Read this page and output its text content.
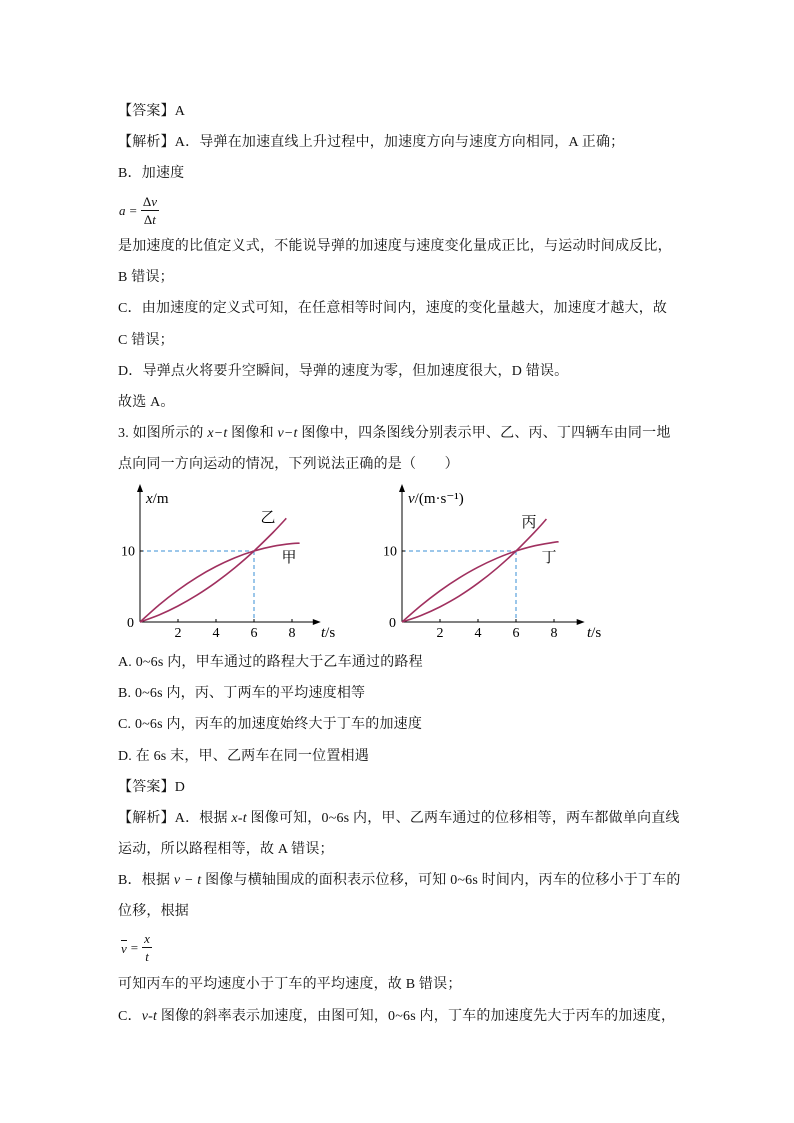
【答案】A
【解析】A．导弹在加速直线上升过程中，加速度方向与速度方向相同，A 正确；
B．加速度
$a = \frac{\Delta v}{\Delta t}$
是加速度的比值定义式，不能说导弹的加速度与速度变化量成正比，与运动时间成反比，
B 错误；
C．由加速度的定义式可知，在任意相等时间内，速度的变化量越大，加速度才越大，故
C 错误；
D．导弹点火将要升空瞬间，导弹的速度为零，但加速度很大，D 错误。
故选 A。
3. 如图所示的 x−t 图像和 v−t 图像中，四条图线分别表示甲、乙、丙、丁四辆车由同一地
点向同一方向运动的情况，下列说法正确的是（　　）
2 4 6 8
10
0
x/m
t/s
乙
甲
2 4 6 8
10
0
v/(m·s⁻¹)
t/s
丙
丁
A. 0~6s 内，甲车通过的路程大于乙车通过的路程
B. 0~6s 内，丙、丁两车的平均速度相等
C. 0~6s 内，丙车的加速度始终大于丁车的加速度
D. 在 6s 末，甲、乙两车在同一位置相遇
【答案】D
【解析】A．根据 x-t 图像可知，0~6s 内，甲、乙两车通过的位移相等，两车都做单向直线
运动，所以路程相等，故 A 错误；
B．根据 v − t 图像与横轴围成的面积表示位移，可知 0~6s 时间内，丙车的位移小于丁车的
位移，根据
$v = \frac{x}{t}$
可知丙车的平均速度小于丁车的平均速度，故 B 错误；
C．v-t 图像的斜率表示加速度，由图可知，0~6s 内，丁车的加速度先大于丙车的加速度，
